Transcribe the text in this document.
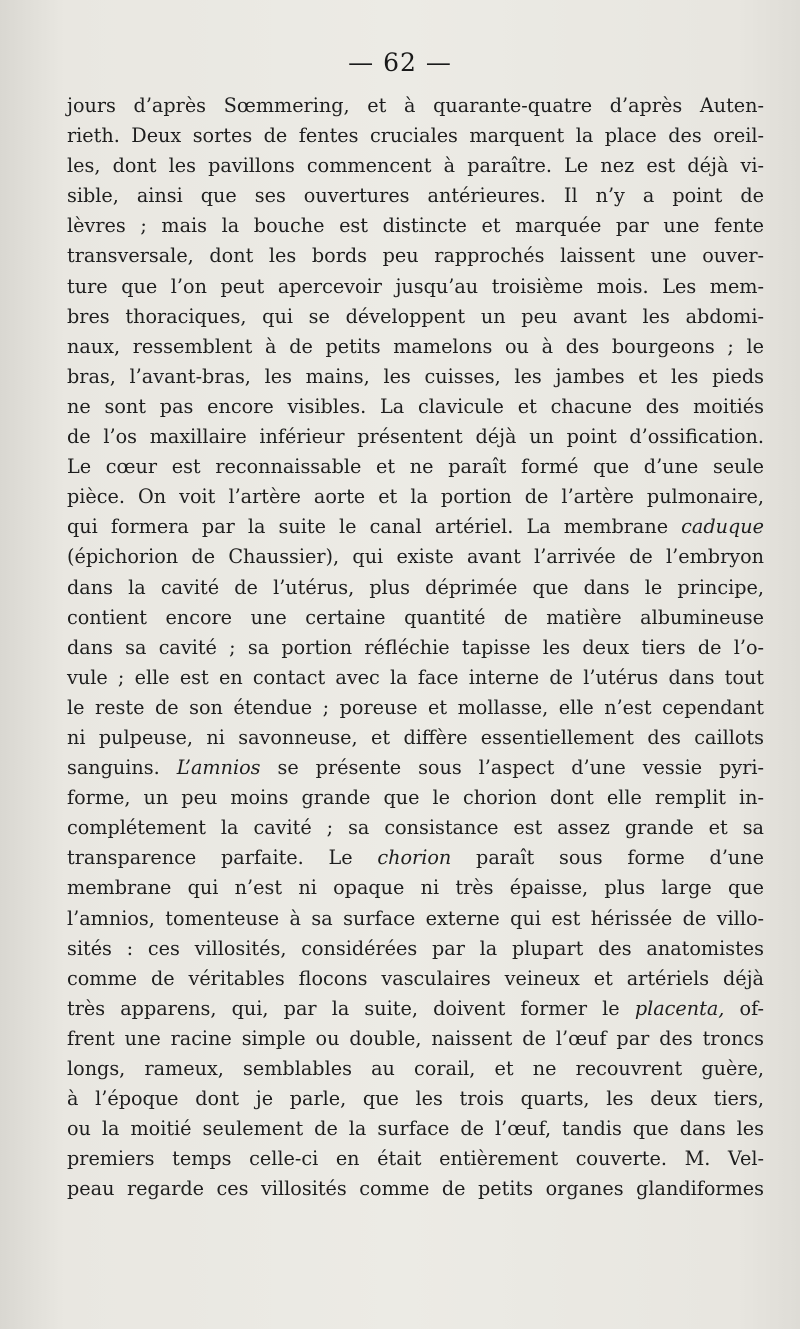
— 62 —
jours d’après Sœmmering, et à quarante-quatre d’après Auten-
rieth. Deux sortes de fentes cruciales marquent la place des oreil-
les, dont les pavillons commencent à paraître. Le nez est déjà vi-
sible, ainsi que ses ouvertures antérieures. Il n’y a point de
lèvres ; mais la bouche est distincte et marquée par une fente
transversale, dont les bords peu rapprochés laissent une ouver-
ture que l’on peut apercevoir jusqu’au troisième mois. Les mem-
bres thoraciques, qui se développent un peu avant les abdomi-
naux, ressemblent à de petits mamelons ou à des bourgeons ; le
bras, l’avant-bras, les mains, les cuisses, les jambes et les pieds
ne sont pas encore visibles. La clavicule et chacune des moitiés
de l’os maxillaire inférieur présentent déjà un point d’ossification.
Le cœur est reconnaissable et ne paraît formé que d’une seule
pièce. On voit l’artère aorte et la portion de l’artère pulmonaire,
qui formera par la suite le canal artériel. La membrane caduque
(épichorion de Chaussier), qui existe avant l’arrivée de l’embryon
dans la cavité de l’utérus, plus déprimée que dans le principe,
contient encore une certaine quantité de matière albumineuse
dans sa cavité ; sa portion réfléchie tapisse les deux tiers de l’o-
vule ; elle est en contact avec la face interne de l’utérus dans tout
le reste de son étendue ; poreuse et mollasse, elle n’est cependant
ni pulpeuse, ni savonneuse, et diffère essentiellement des caillots
sanguins. L’amnios se présente sous l’aspect d’une vessie pyri-
forme, un peu moins grande que le chorion dont elle remplit in-
complétement la cavité ; sa consistance est assez grande et sa
transparence parfaite. Le chorion paraît sous forme d’une
membrane qui n’est ni opaque ni très épaisse, plus large que
l’amnios, tomenteuse à sa surface externe qui est hérissée de villo-
sités : ces villosités, considérées par la plupart des anatomistes
comme de véritables flocons vasculaires veineux et artériels déjà
très apparens, qui, par la suite, doivent former le placenta, of-
frent une racine simple ou double, naissent de l’œuf par des troncs
longs, rameux, semblables au corail, et ne recouvrent guère,
à l’époque dont je parle, que les trois quarts, les deux tiers,
ou la moitié seulement de la surface de l’œuf, tandis que dans les
premiers temps celle-ci en était entièrement couverte. M. Vel-
peau regarde ces villosités comme de petits organes glandiformes
